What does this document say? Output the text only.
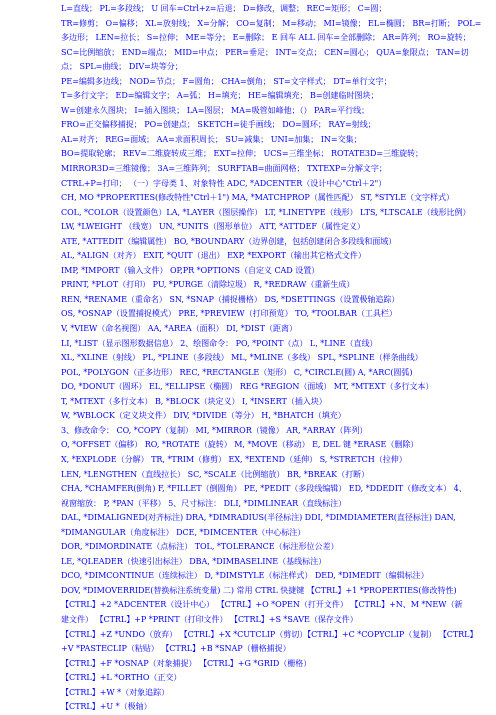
L=直线； PL=多段线； U 回车=Ctrl+z=后退； D=修改，调整； REC=矩形； C=圆；
TR=修剪； O=偏移； XL=放射线； X=分解； CO=复制； M=移动； MI=镜像； EL=椭圆； BR=打断； POL=
多边形； LEN=拉长； S=拉伸； ME=等分； E=删除； E 回车 ALL 回车=全部删除； AR=阵列； RO=旋转；
SC=比例缩放； END=端点； MID=中点； PER=垂足； INT=交点； CEN=圆心； QUA=象限点； TAN=切
点； SPL=曲线； DIV=块等分；
PE=编辑多边线； NOD=节点； F=圆角； CHA=倒角； ST=文字样式； DT=单行文字；
T=多行文字； ED=编辑文字； A=弧； H=填充； HE=编辑填充； B=创建临时图块；
W=创建永久图块； I=插入图块； LA=图层； MA=吸管如峰他；（） PAR=平行线；
FRO=正交偏移捕捉； PO=创建点； SKETCH=徒手画线； DO=圆环； RAY=射线；
AL=对齐； REG=面域； AA=求面积周长； SU=减集； UNI=加集； IN=交集；
BO=提取轮廓； REV=二维旋转成三维； EXT=拉伸； UCS=三维坐标； ROTATE3D=三维旋转；
MIRROR3D=三维镜像； 3A=三维阵列； SURFTAB=曲面网格； TXTEXP=分解文字；
CTRL+P=打印； （一）字母类 1、对象特性 ADC, *ADCENTER（设计中心"Ctrl＋2"）
CH, MO *PROPERTIES(修改特性"Ctrl＋1") MA, *MATCHPROP（属性匹配） ST, *STYLE（文字样式）
COL, *COLOR（设置颜色）LA, *LAYER（图层操作） LT, *LINETYPE（线形） LTS, *LTSCALE（线形比例）
LW, *LWEIGHT （线宽） UN, *UNITS（图形单位） ATT, *ATTDEF（属性定义）
ATE, *ATTEDIT（编辑属性） BO, *BOUNDARY（边界创建，包括创建闭合多段线和面域）
AL, *ALIGN（对齐） EXIT, *QUIT（退出） EXP, *EXPORT（输出其它格式文件）
IMP, *IMPORT（输入文件） OP,PR *OPTIONS（自定义 CAD 设置）
PRINT, *PLOT（打印） PU, *PURGE（清除垃圾） R, *REDRAW（重新生成）
REN, *RENAME（重命名） SN, *SNAP（捕捉栅格） DS, *DSETTINGS（设置极轴追踪）
OS, *OSNAP（设置捕捉模式） PRE, *PREVIEW（打印预览） TO, *TOOLBAR（工具栏）
V, *VIEW（命名视图） AA, *AREA（面积） DI, *DIST（距离）
LI, *LIST（显示图形数据信息） 2、绘图命令： PO, *POINT（点） L, *LINE（直线）
XL, *XLINE（射线） PL, *PLINE（多段线） ML, *MLINE（多线） SPL, *SPLINE（样条曲线）
POL, *POLYGON（正多边形） REC, *RECTANGLE（矩形） C, *CIRCLE(圆) A, *ARC(圆弧)
DO, *DONUT（圆环） EL, *ELLIPSE（椭圆） REG *REGION（面域） MT, *MTEXT（多行文本）
T, *MTEXT（多行文本） B, *BLOCK（块定义） I, *INSERT（插入块）
W, *WBLOCK（定义块文件） DIV, *DIVIDE（等分） H, *BHATCH（填充）
3、修改命令： CO, *COPY（复制） MI, *MIRROR（镜像） AR, *ARRAY（阵列）
O, *OFFSET（偏移） RO, *ROTATE（旋转） M, *MOVE（移动） E, DEL 键 *ERASE（删除）
X, *EXPLODE（分解） TR, *TRIM（修剪） EX, *EXTEND（延伸） S, *STRETCH（拉伸）
LEN, *LENGTHEN（直线拉长） SC, *SCALE（比例缩放） BR, *BREAK（打断）
CHA, *CHAMFER(倒角) F, *FILLET（倒圆角） PE, *PEDIT（多段线编辑） ED, *DDEDIT（修改文本） 4、
视窗缩放： P, *PAN（平移） 5、尺寸标注： DLI, *DIMLINEAR（直线标注）
DAL, *DIMALIGNED(对齐标注) DRA, *DIMRADIUS(半径标注) DDI, *DIMDIAMETER(直径标注) DAN,
*DIMANGULAR（角度标注） DCE, *DIMCENTER（中心标注）
DOR, *DIMORDINATE（点标注） TOL, *TOLERANCE（标注形位公差）
LE, *QLEADER（快速引出标注） DBA, *DIMBASELINE（基线标注）
DCO, *DIMCONTINUE（连续标注） D, *DIMSTYLE（标注样式） DED, *DIMEDIT（编辑标注）
DOV, *DIMOVERRIDE(替换标注系统变量) 二) 常用 CTRL 快捷键 【CTRL】+1 *PROPERTIES(修改特性)
【CTRL】+2 *ADCENTER（设计中心） 【CTRL】+O *OPEN（打开文件） 【CTRL】+N、M *NEW（新
建文件） 【CTRL】+P *PRINT（打印文件） 【CTRL】+S *SAVE（保存文件）
【CTRL】+Z *UNDO（放弃） 【CTRL】+X *CUTCLIP（剪切）【CTRL】+C *COPYCLIP（复制） 【CTRL】
+V *PASTECLIP（粘贴） 【CTRL】+B *SNAP（栅格捕捉）
【CTRL】+F *OSNAP（对象捕捉） 【CTRL】+G *GRID（栅格）
【CTRL】+L *ORTHO（正交）
【CTRL】+W *（对象追踪）
【CTRL】+U *（极轴）
